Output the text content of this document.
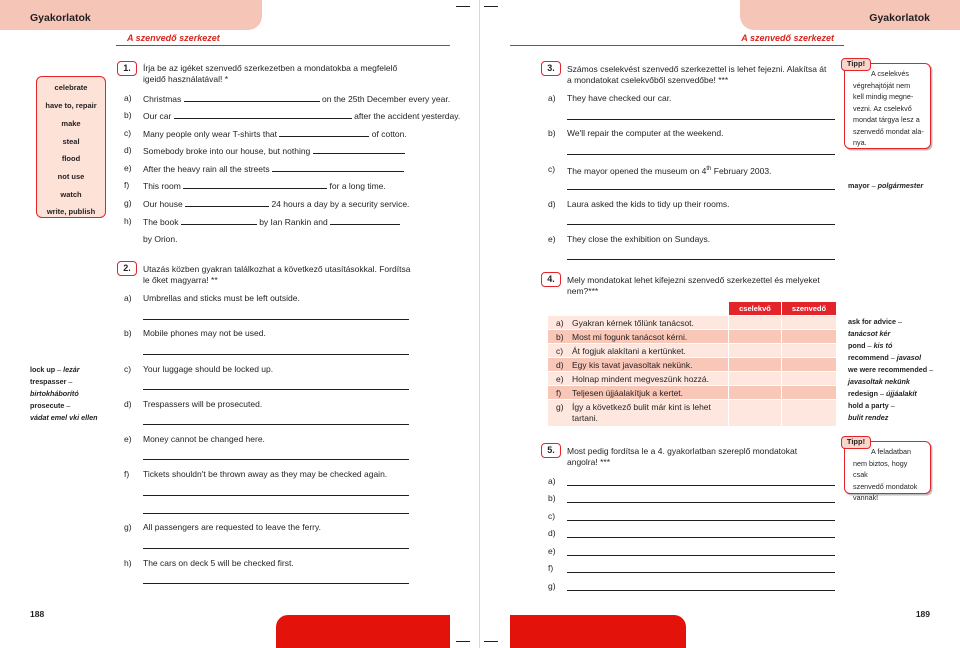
Gyakorlatok
A szenvedő szerkezet
celebrate
have to, repair
make
steal
flood
not use
watch
write, publish
lock up – lezár
trespasser –
birtokháborító
prosecute –
vádat emel vki ellen
1.	Írja be az igéket szenvedő szerkezetben a mondatokba a megfelelő
igeidő használatával! *
a) Christmas	on the 25th December every year.
b) Our car	after the accident yesterday.
c) Many people only wear T-shirts that	of cotton.
d) Somebody broke into our house, but nothing
e) After the heavy rain all the streets
f) This room	for a long time.
g) Our house	24 hours a day by a security service.
h) The book	by Ian Rankin and
by Orion.
2.	Utazás közben gyakran találkozhat a következő utasításokkal. Fordítsa
le őket magyarra! **
a) Umbrellas and sticks must be left outside.
b) Mobile phones may not be used.
c) Your luggage should be locked up.
d) Trespassers will be prosecuted.
e) Money cannot be changed here.
f) Tickets shouldn't be thrown away as they may be checked again.
g) All passengers are requested to leave the ferry.
h) The cars on deck 5 will be checked first.
188
Gyakorlatok
A szenvedő szerkezet
3.	Számos cselekvést szenvedő szerkezettel is lehet fejezni. Alakítsa át
a mondatokat cselekvőből szenvedőbe! ***
a) They have checked our car.
b) We'll repair the computer at the weekend.
c) The mayor opened the museum on 4th February 2003.
d) Laura asked the kids to tidy up their rooms.
e) They close the exhibition on Sundays.
Tipp!
A cselekvés
végrehajtóját nem
kell mindig megne-
vezni. Az cselekvő
mondat tárgya lesz a
szenvedő mondat ala-
nya.
mayor – polgármester
4.	Mely mondatokat lehet kifejezni szenvedő szerkezettel és melyeket
nem?***
cselekvő	szenvedő
a) Gyakran kérnek tőlünk tanácsot.
b) Most mi fogunk tanácsot kérni.
c) Át fogjuk alakítani a kertünket.
d) Egy kis tavat javasoltak nekünk.
e) Holnap mindent megveszünk hozzá.
f) Teljesen újjáalakítjuk a kertet.
g) Így a következő bulit már kint is lehet tartani.
ask for advice –
tanácsot kér
pond – kis tó
recommend – javasol
we were recommended –
javasoltak nekünk
redesign – újjáalakít
hold a party –
bulit rendez
5.	Most pedig fordítsa le a 4. gyakorlatban szereplő mondatokat
angolra! ***
a)
b)
c)
d)
e)
f)
g)
Tipp!
A feladatban
nem biztos, hogy csak
szenvedő mondatok
vannak!
189
